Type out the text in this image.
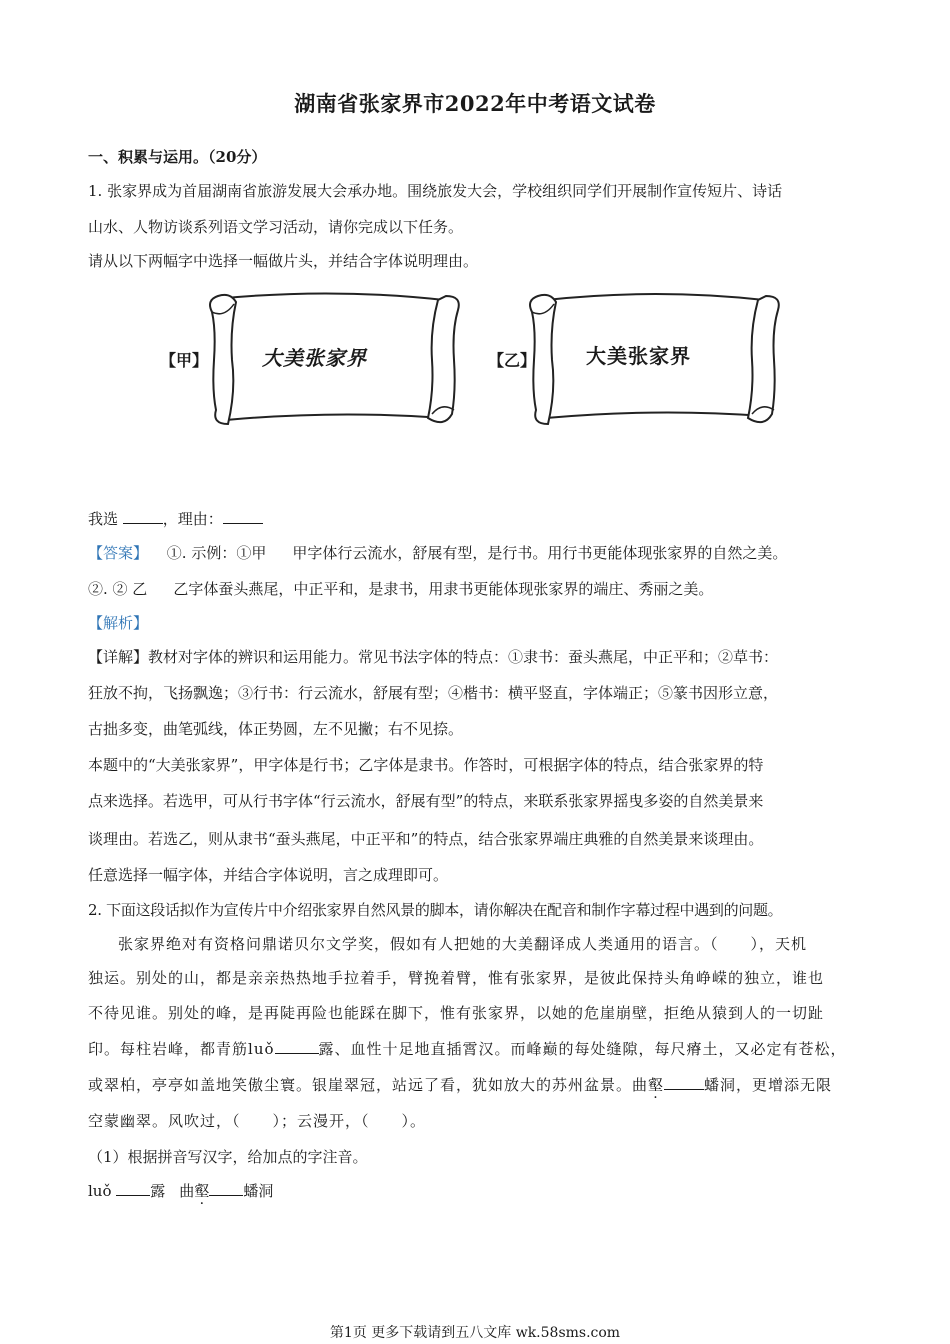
湖南省张家界市2022年中考语文试卷
一、积累与运用。（20分）
1. 张家界成为首届湖南省旅游发展大会承办地。围绕旅发大会，学校组织同学们开展制作宣传短片、诗话
山水、人物访谈系列语文学习活动，请你完成以下任务。
请从以下两幅字中选择一幅做片头，并结合字体说明理由。
【甲】	大美张家界	【乙】 大美张家界
我选	，理由：
【答案】 ①. 示例：①甲 甲字体行云流水，舒展有型，是行书。用行书更能体现张家界的自然之美。
②. ② 乙 乙字体蚕头燕尾，中正平和，是隶书，用隶书更能体现张家界的端庄、秀丽之美。
【解析】
【详解】教材对字体的辨识和运用能力。常见书法字体的特点：①隶书：蚕头燕尾，中正平和；②草书：
狂放不拘，飞扬飘逸；③行书：行云流水，舒展有型；④楷书：横平竖直，字体端正；⑤篆书因形立意，
古拙多变，曲笔弧线，体正势圆，左不见撇；右不见捺。
本题中的“大美张家界”，甲字体是行书；乙字体是隶书。作答时，可根据字体的特点，结合张家界的特
点来选择。若选甲，可从行书字体“行云流水，舒展有型”的特点，来联系张家界摇曳多姿的自然美景来
谈理由。若选乙，则从隶书“蚕头燕尾，中正平和”的特点，结合张家界端庄典雅的自然美景来谈理由。
任意选择一幅字体，并结合字体说明，言之成理即可。
2. 下面这段话拟作为宣传片中介绍张家界自然风景的脚本，请你解决在配音和制作字幕过程中遇到的问题。
张家界绝对有资格问鼎诺贝尔文学奖，假如有人把她的大美翻译成人类通用的语言。（　　），天机
独运。别处的山，都是亲亲热热地手拉着手，臂挽着臂，惟有张家界，是彼此保持头角峥嵘的独立，谁也
不待见谁。别处的峰，是再陡再险也能踩在脚下，惟有张家界，以她的危崖崩壁，拒绝从猿到人的一切趾
印。每柱岩峰，都青筋luǒ	露、血性十足地直插霄汉。而峰巅的每处缝隙，每尺瘠土，又必定有苍松，
或翠柏，亭亭如盖地笑傲尘寰。银崖翠冠，站远了看，犹如放大的苏州盆景。曲壑	蟠洞，更增添无限
空蒙幽翠。风吹过，（　　）；云漫开，（　　）。
（1）根据拼音写汉字，给加点的字注音。
luǒ	露 曲壑 蟠洞
第1页 更多下载请到五八文库 wk.58sms.com
